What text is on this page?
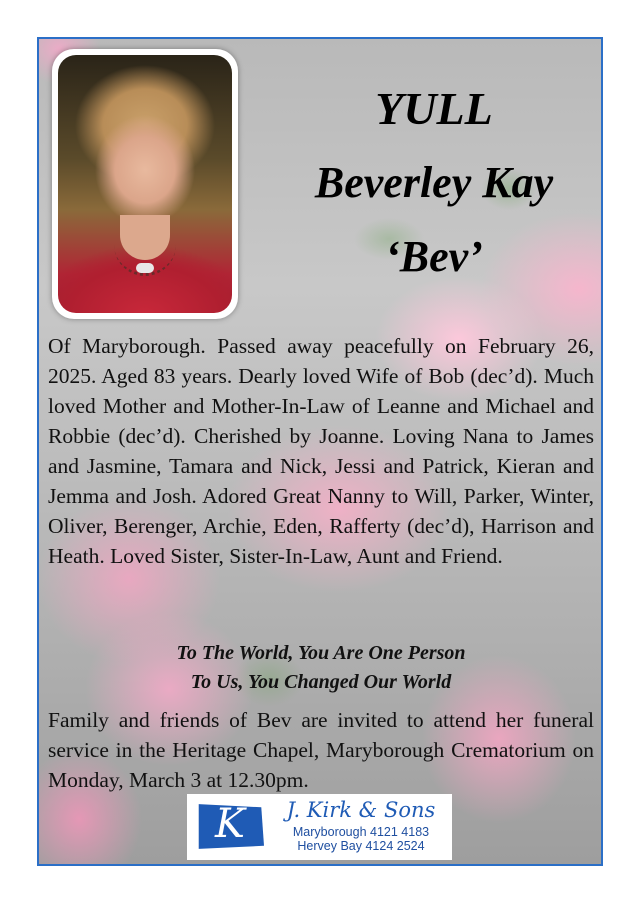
YULL
Beverley Kay
‘Bev’
Of Maryborough. Passed away peacefully on February 26, 2025. Aged 83 years. Dearly loved Wife of Bob (dec’d). Much loved Mother and Mother-In-Law of Leanne and Michael and Robbie (dec’d). Cherished by Joanne. Loving Nana to James and Jasmine, Tamara and Nick, Jessi and Patrick, Kieran and Jemma and Josh. Adored Great Nanny to Will, Parker, Winter, Oliver, Berenger, Archie, Eden, Rafferty (dec’d), Harrison and Heath. Loved Sister, Sister-In-Law, Aunt and Friend.
To The World, You Are One Person
To Us, You Changed Our World
Family and friends of Bev are invited to attend her funeral service in the Heritage Chapel, Maryborough Crematorium on Monday, March 3 at 12.30pm.
K	J. Kirk & Sons
Maryborough 4121 4183
Hervey Bay 4124 2524
